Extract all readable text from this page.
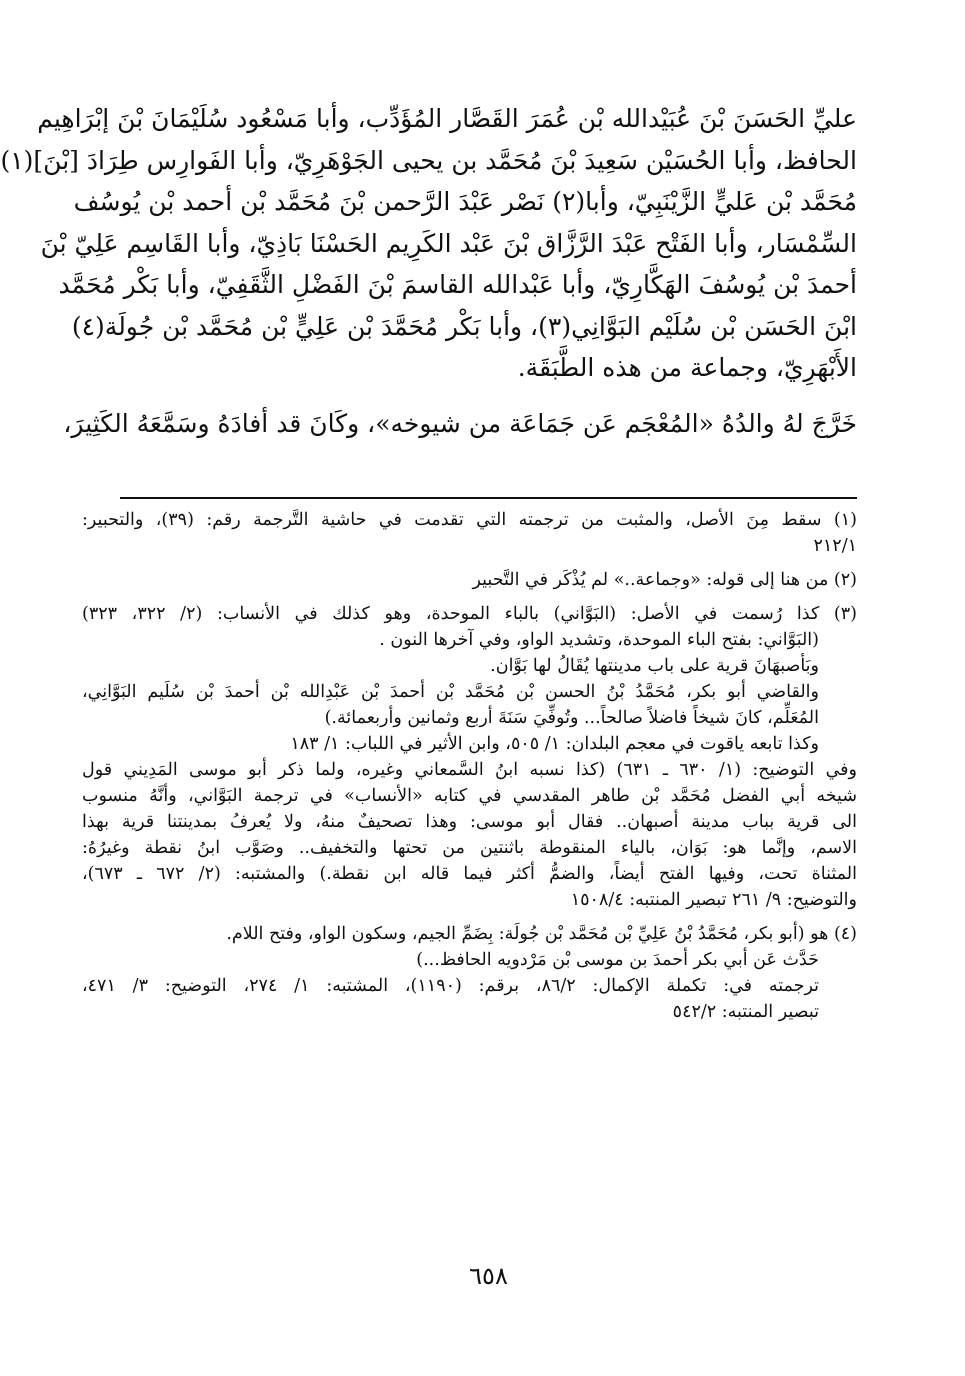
عليِّ الحَسَنَ بْنَ عُبَيْدالله بْن عُمَرَ القَصَّار المُؤَدِّب، وأبا مَسْعُود سُلَيْمَانَ بْنَ إبْرَاهِيم
الحافظ، وأبا الحُسَيْن سَعِيدَ بْنَ مُحَمَّد بن يحيى الجَوْهَرِيّ، وأبا الفَوارِس طِرَادَ [بْنَ](١)
مُحَمَّد بْن عَليٍّ الزَّيْنَبِيّ، وأبا(٢) نَصْر عَبْدَ الرَّحمن بْنَ مُحَمَّد بْن أحمد بْن يُوسُف
السِّمْسَار، وأبا الفَتْح عَبْدَ الرَّزَّاق بْنَ عَبْد الكَرِيم الحَسْنَا بَاذِيّ، وأبا القَاسِم عَلِيّ بْنَ
أحمدَ بْن يُوسُفَ الهَكَّارِيّ، وأبا عَبْدالله القاسمَ بْنَ الفَضْلِ الثَّقَفِيّ، وأبا بَكْر مُحَمَّد
ابْنَ الحَسَن بْن سُلَيْم البَوَّانِي(٣)، وأبا بَكْر مُحَمَّدَ بْن عَلِيٍّ بْن مُحَمَّد بْن جُولَة(٤)
الأَبْهَرِيّ، وجماعة من هذه الطَّبَقَة.
خَرَّجَ لهُ والدُهُ «المُعْجَم عَن جَمَاعَة من شيوخه»، وكَانَ قد أفادَهُ وسَمَّعَهُ الكَثِيرَ،
(١) سقط مِنَ الأصل، والمثبت من ترجمته التي تقدمت في حاشية التَّرجمة رقم: (٣٩)، والتحبير:
٢١٢/١
(٢) من هنا إلى قوله: «وجماعة..» لم يُذْكَر في التَّحبير
(٣) كذا رُسمت في الأصل: (البَوَّاني) بالباء الموحدة، وهو كذلك في الأنساب: (٢/ ٣٢٢، ٣٢٣)
(البَوَّاني: بفتح الباء الموحدة، وتشديد الواو، وفي آخرها النون .
وبَأصبهَانَ قرية على باب مدينتها يُقَالُ لها بَوَّان.
والقاضي أبو بكر، مُحَمَّدُ بْنُ الحسن بْن مُحَمَّد بْن أحمدَ بْن عَبْدِالله بْن أحمدَ بْن سُلَيم البَوَّانِي،
المُعَلِّم، كانَ شيخاً فاضلاً صالحاً... وتُوفِّيَ سَنَةَ أربع وثمانين وأربعمائة.)
وكذا تابعه ياقوت في معجم البلدان: ١/ ٥٠٥، وابن الأثير في اللباب: ١/ ١٨٣
وفي التوضيح: (١/ ٦٣٠ ـ ٦٣١) (كذا نسبه ابنُ السَّمعاني وغيره، ولما ذكر أبو موسى المَدِيني قول
شيخه أبي الفضل مُحَمَّد بْن طاهر المقدسي في كتابه «الأنساب» في ترجمة البَوَّاني، وأنَّهُ منسوب
الى قرية بباب مدينة أصبهان.. فقال أبو موسى: وهذا تصحيفٌ منهُ، ولا يُعرفُ بمدينتنا قرية بهذا
الاسم، وإنَّما هو: بَوَان، بالياء المنقوطة باثنتين من تحتها والتخفيف.. وصَوَّب ابنُ نقطة وغيرُهُ:
المثناة تحت، وفيها الفتح أيضاً، والضمُّ أكثر فيما قاله ابن نقطة.) والمشتبه: (٢/ ٦٧٢ ـ ٦٧٣)،
والتوضيح: ٩/ ٢٦١ تبصير المنتبه: ١٥٠٨/٤
(٤) هو (أبو بكر، مُحَمَّدُ بْنُ عَلِيِّ بْن مُحَمَّد بْن جُولَة: بِضَمِّ الجيم، وسكون الواو، وفتح اللام.
حَدَّث عَن أبي بكر أحمدَ بن موسى بْن مَرْدويه الحافظ...)
ترجمته في: تكملة الإكمال: ٨٦/٢، برقم: (١١٩٠)، المشتبه: ١/ ٢٧٤، التوضيح: ٣/ ٤٧١،
تبصير المنتبه: ٥٤٢/٢
٦٥٨
